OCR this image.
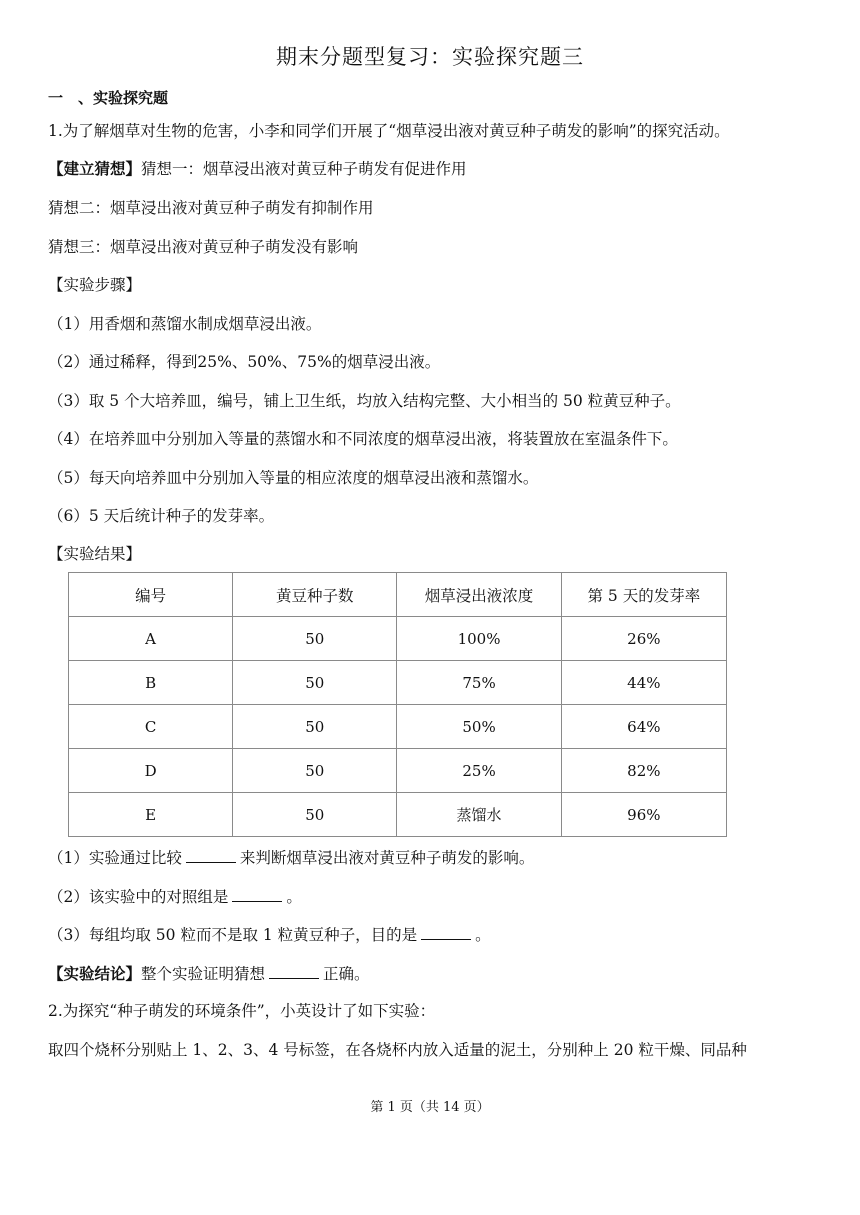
期末分题型复习：实验探究题三
一　、实验探究题
1.为了解烟草对生物的危害，小李和同学们开展了“烟草浸出液对黄豆种子萌发的影响”的探究活动。
【建立猜想】猜想一：烟草浸出液对黄豆种子萌发有促进作用
猜想二：烟草浸出液对黄豆种子萌发有抑制作用
猜想三：烟草浸出液对黄豆种子萌发没有影响
【实验步骤】
（1）用香烟和蒸馏水制成烟草浸出液。
（2）通过稀释，得到25%、50%、75%的烟草浸出液。
（3）取 5 个大培养皿，编号，铺上卫生纸，均放入结构完整、大小相当的 50 粒黄豆种子。
（4）在培养皿中分别加入等量的蒸馏水和不同浓度的烟草浸出液，将装置放在室温条件下。
（5）每天向培养皿中分别加入等量的相应浓度的烟草浸出液和蒸馏水。
（6）5 天后统计种子的发芽率。
【实验结果】
编号	黄豆种子数	烟草浸出液浓度	第 5 天的发芽率
A	50	100%	26%
B	50	75%	44%
C	50	50%	64%
D	50	25%	82%
E	50	蒸馏水	96%
（1）实验通过比较	来判断烟草浸出液对黄豆种子萌发的影响。
（2）该实验中的对照组是	。
（3）每组均取 50 粒而不是取 1 粒黄豆种子，目的是	。
【实验结论】整个实验证明猜想	正确。
2.为探究“种子萌发的环境条件”，小英设计了如下实验：
取四个烧杯分别贴上 1、2、3、4 号标签，在各烧杯内放入适量的泥土，分别种上 20 粒干燥、同品种
第 1 页（共 14 页）
